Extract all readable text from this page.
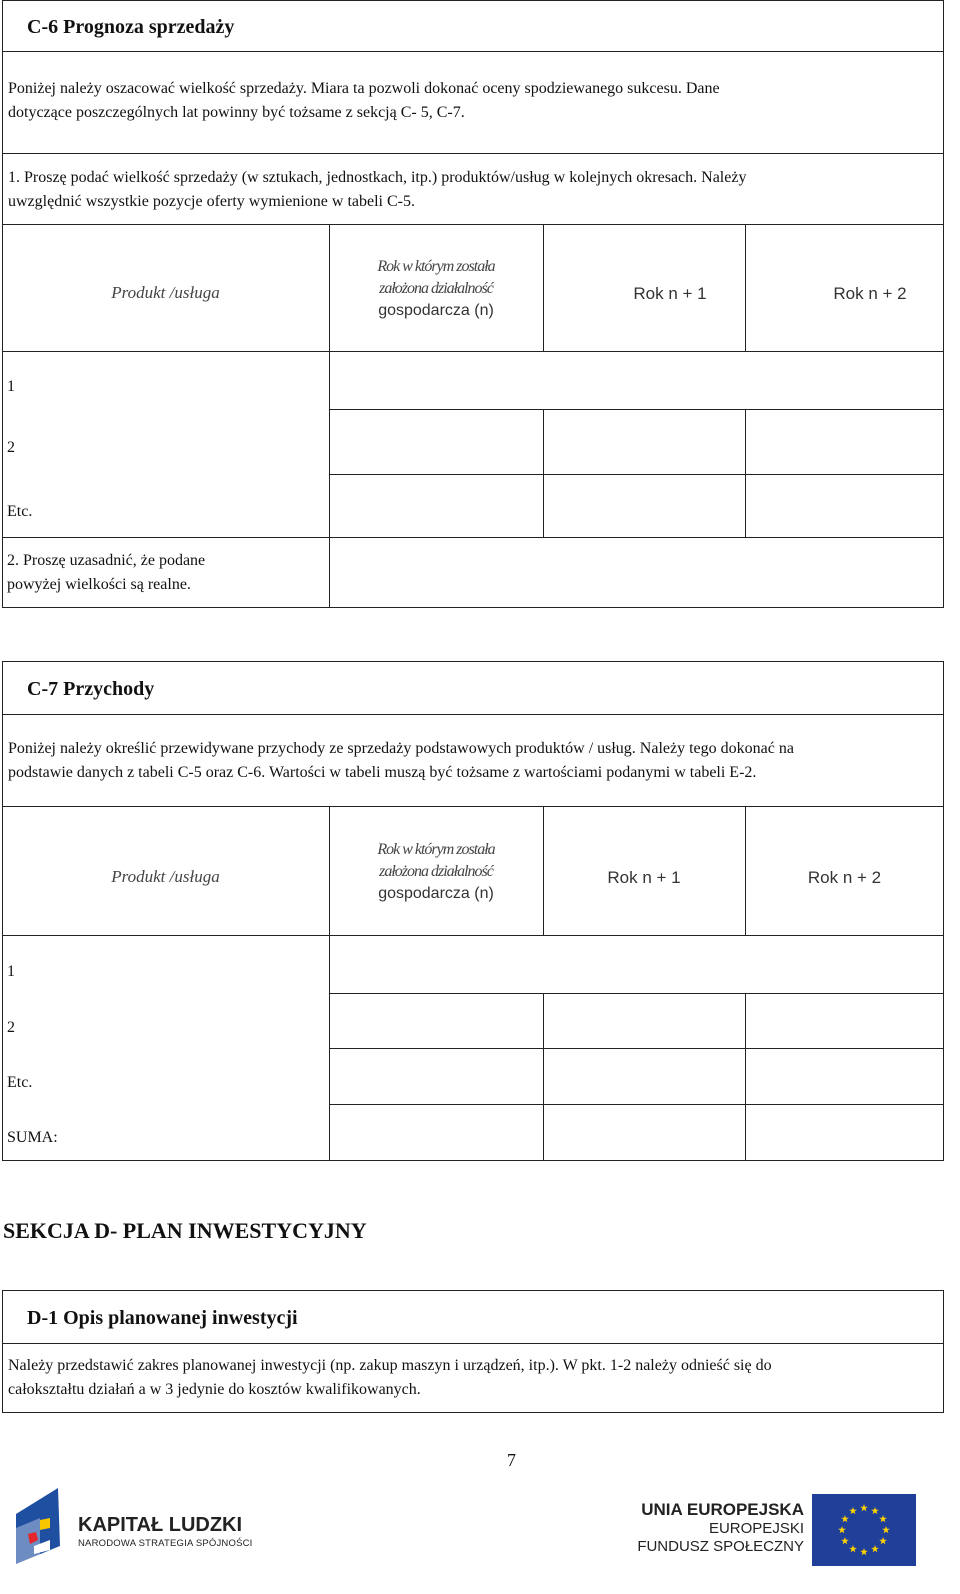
C-6 Prognoza sprzedaży
Poniżej należy oszacować wielkość sprzedaży. Miara ta pozwoli dokonać oceny spodziewanego sukcesu. Dane
dotyczące poszczególnych lat powinny być tożsame z sekcją C- 5, C-7.
1. Proszę podać wielkość sprzedaży (w sztukach, jednostkach, itp.) produktów/usług w kolejnych okresach. Należy
uwzględnić wszystkie pozycje oferty wymienione w tabeli C-5.
Produkt /usługa
Rok w którym została
założona działalność
gospodarcza (n)
Rok n + 1	Rok n + 2
1
2
Etc.
2. Proszę uzasadnić, że podane
powyżej wielkości są realne.
C-7 Przychody
Poniżej należy określić przewidywane przychody ze sprzedaży podstawowych produktów / usług. Należy tego dokonać na
podstawie danych z tabeli C-5 oraz C-6. Wartości w tabeli muszą być tożsame z wartościami podanymi w tabeli E-2.
Produkt /usługa
Rok w którym została
założona działalność
gospodarcza (n)
Rok n + 1	Rok n + 2
1
2
Etc.
SUMA:
SEKCJA D- PLAN INWESTYCYJNY
D-1 Opis planowanej inwestycji
Należy przedstawić zakres planowanej inwestycji (np. zakup maszyn i urządzeń, itp.). W pkt. 1-2 należy odnieść się do
całokształtu działań a w 3 jedynie do kosztów kwalifikowanych.
7
KAPITAŁ LUDZKI
NARODOWA STRATEGIA SPÓJNOŚCI
UNIA EUROPEJSKA
EUROPEJSKI
FUNDUSZ SPOŁECZNY
